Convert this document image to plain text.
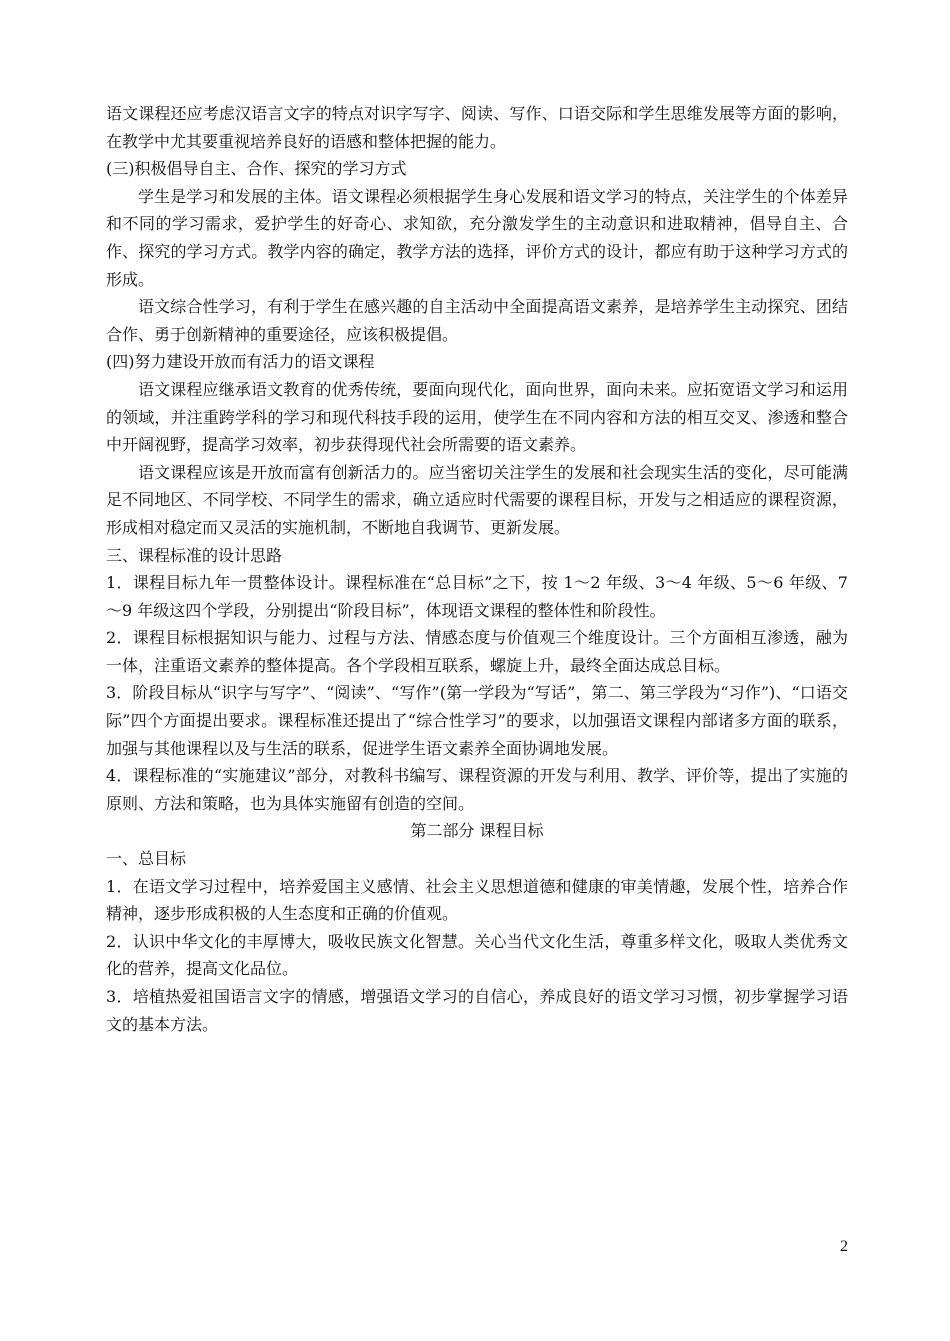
语文课程还应考虑汉语言文字的特点对识字写字、阅读、写作、口语交际和学生思维发展等方面的影响，在教学中尤其要重视培养良好的语感和整体把握的能力。

(三)积极倡导自主、合作、探究的学习方式

学生是学习和发展的主体。语文课程必须根据学生身心发展和语文学习的特点，关注学生的个体差异和不同的学习需求，爱护学生的好奇心、求知欲，充分激发学生的主动意识和进取精神，倡导自主、合作、探究的学习方式。教学内容的确定，教学方法的选择，评价方式的设计，都应有助于这种学习方式的形成。

语文综合性学习，有利于学生在感兴趣的自主活动中全面提高语文素养，是培养学生主动探究、团结合作、勇于创新精神的重要途径，应该积极提倡。

(四)努力建设开放而有活力的语文课程

语文课程应继承语文教育的优秀传统，要面向现代化，面向世界，面向未来。应拓宽语文学习和运用的领域，并注重跨学科的学习和现代科技手段的运用，使学生在不同内容和方法的相互交叉、渗透和整合中开阔视野，提高学习效率，初步获得现代社会所需要的语文素养。

语文课程应该是开放而富有创新活力的。应当密切关注学生的发展和社会现实生活的变化，尽可能满足不同地区、不同学校、不同学生的需求，确立适应时代需要的课程目标，开发与之相适应的课程资源，形成相对稳定而又灵活的实施机制，不断地自我调节、更新发展。

三、课程标准的设计思路

1．课程目标九年一贯整体设计。课程标准在“总目标”之下，按 1～2 年级、3～4 年级、5～6 年级、7～9 年级这四个学段，分别提出“阶段目标”，体现语文课程的整体性和阶段性。

2．课程目标根据知识与能力、过程与方法、情感态度与价值观三个维度设计。三个方面相互渗透，融为一体，注重语文素养的整体提高。各个学段相互联系，螺旋上升，最终全面达成总目标。

3．阶段目标从“识字与写字”、“阅读”、“写作”(第一学段为“写话”，第二、第三学段为“习作”)、“口语交际”四个方面提出要求。课程标准还提出了“综合性学习”的要求，以加强语文课程内部诸多方面的联系，加强与其他课程以及与生活的联系，促进学生语文素养全面协调地发展。

4．课程标准的“实施建议”部分，对教科书编写、课程资源的开发与利用、教学、评价等，提出了实施的原则、方法和策略，也为具体实施留有创造的空间。

第二部分 课程目标

一、总目标

1．在语文学习过程中，培养爱国主义感情、社会主义思想道德和健康的审美情趣，发展个性，培养合作精神，逐步形成积极的人生态度和正确的价值观。

2．认识中华文化的丰厚博大，吸收民族文化智慧。关心当代文化生活，尊重多样文化，吸取人类优秀文化的营养，提高文化品位。

3．培植热爱祖国语言文字的情感，增强语文学习的自信心，养成良好的语文学习习惯，初步掌握学习语文的基本方法。

2
